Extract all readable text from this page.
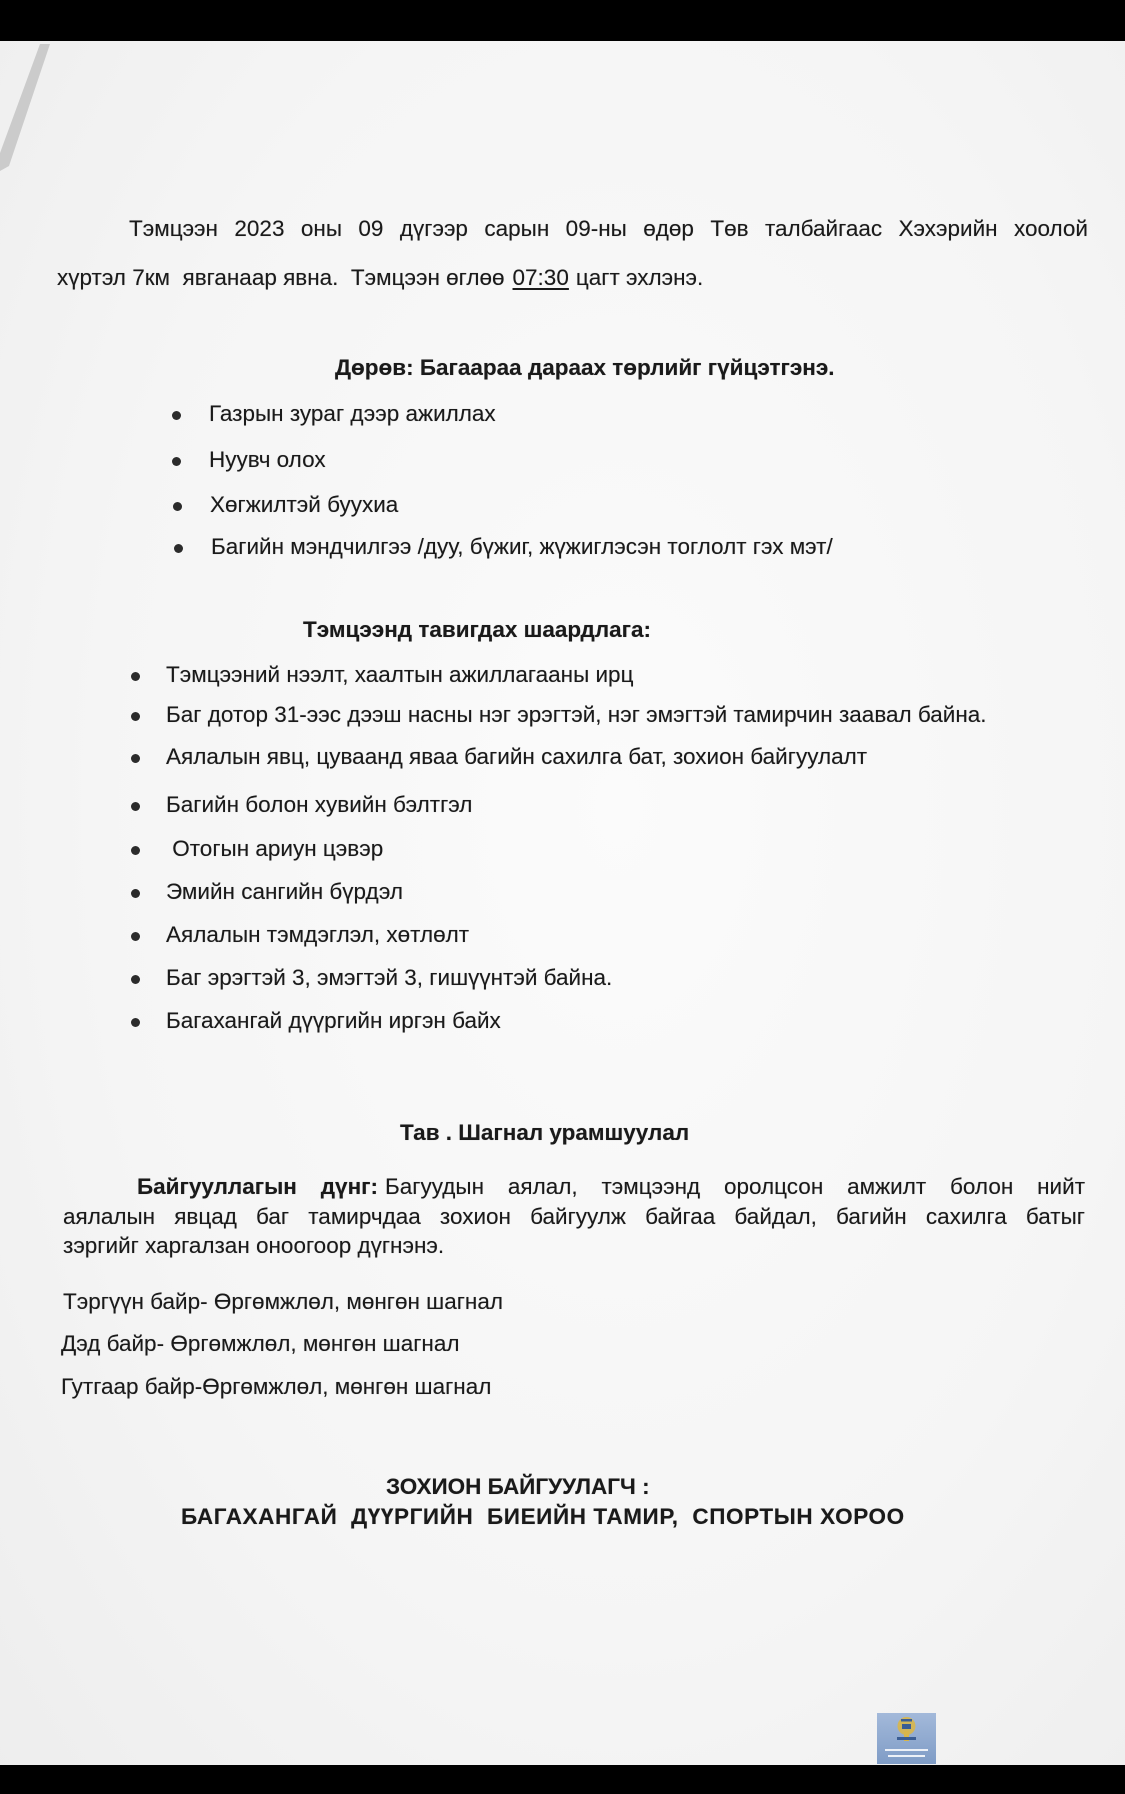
Тэмцээн 2023 оны 09 дүгээр сарын 09-ны өдөр Төв талбайгаас Хэхэрийн хоолой
хүртэл 7км  явганаар явна.  Тэмцээн өглөө 07:30 цагт эхлэнэ.
Дөрөв: Багаараа дараах төрлийг гүйцэтгэнэ.
Газрын зураг дээр ажиллах
Нуувч олох
Хөгжилтэй буухиа
Багийн мэндчилгээ /дуу, бүжиг, жүжиглэсэн тоглолт гэх мэт/
Тэмцээнд тавигдах шаардлага:
Тэмцээний нээлт, хаалтын ажиллагааны ирц
Баг дотор 31-ээс дээш насны нэг эрэгтэй, нэг эмэгтэй тамирчин заавал байна.
Аялалын явц, цуваанд яваа багийн сахилга бат, зохион байгуулалт
Багийн болон хувийн бэлтгэл
Отогын ариун цэвэр
Эмийн сангийн бүрдэл
Аялалын тэмдэглэл, хөтлөлт
Баг эрэгтэй 3, эмэгтэй 3, гишүүнтэй байна.
Багахангай дүүргийн иргэн байх
Тав . Шагнал урамшуулал
Байгууллагын дүнг: Багуудын аялал, тэмцээнд оролцсон амжилт болон нийт
аялалын явцад баг тамирчдаа зохион байгуулж байгаа байдал, багийн сахилга батыг
зэргийг харгалзан оноогоор дүгнэнэ.
Тэргүүн байр- Өргөмжлөл, мөнгөн шагнал
Дэд байр- Өргөмжлөл, мөнгөн шагнал
Гутгаар байр-Өргөмжлөл, мөнгөн шагнал
ЗОХИОН БАЙГУУЛАГЧ :
БАГАХАНГАЙ  ДҮҮРГИЙН  БИЕИЙН ТАМИР,  СПОРТЫН ХОРОО
